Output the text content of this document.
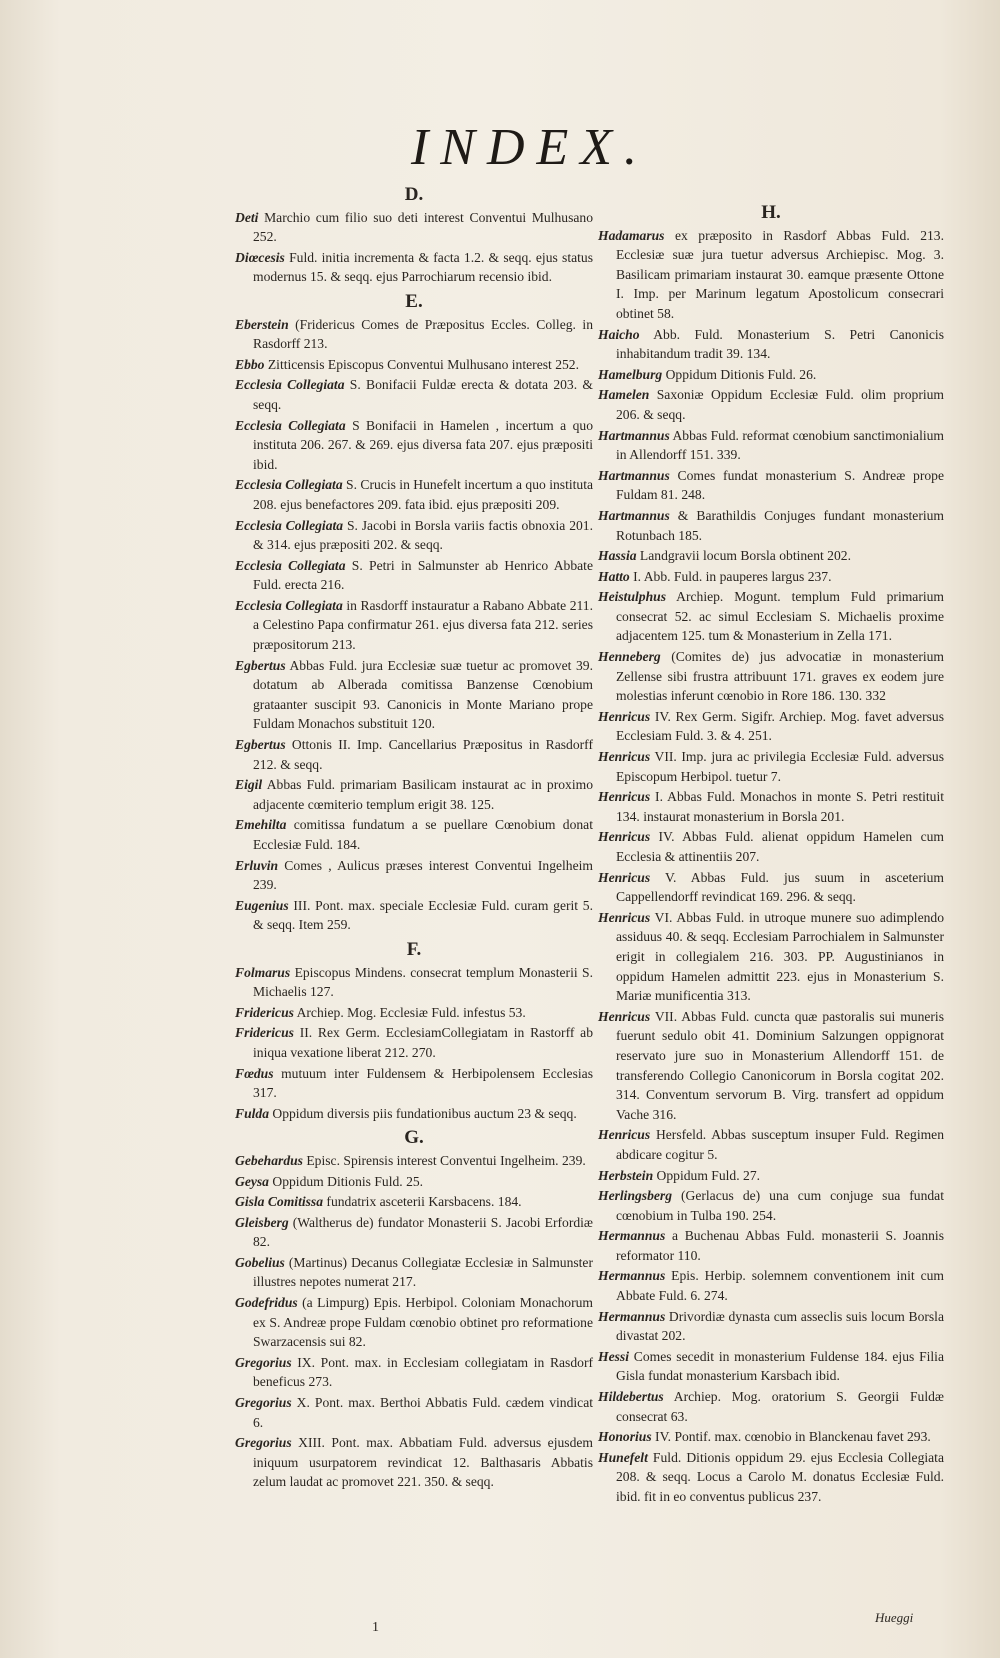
INDEX.
D.
Deti Marchio cum filio suo deti interest Conventui Mulhusano 252.
Diœcesis Fuld. initia incrementa & facta 1.2. & seqq. ejus status modernus 15. & seqq. ejus Parrochiarum recensio ibid.
E.
Eberstein (Fridericus Comes de Præpositus Eccles. Colleg. in Rasdorff 213.
Ebbo Zitticensis Episcopus Conventui Mulhusano interest 252.
Ecclesia Collegiata S. Bonifacii Fuldæ erecta & dotata 203. & seqq.
Ecclesia Collegiata S Bonifacii in Hamelen , incertum a quo instituta 206. 267. & 269. ejus diversa fata 207. ejus præpositi ibid.
Ecclesia Collegiata S. Crucis in Hunefelt incertum a quo instituta 208. ejus benefactores 209. fata ibid. ejus præpositi 209.
Ecclesia Collegiata S. Jacobi in Borsla variis factis obnoxia 201. & 314. ejus præpositi 202. & seqq.
Ecclesia Collegiata S. Petri in Salmunster ab Henrico Abbate Fuld. erecta 216.
Ecclesia Collegiata in Rasdorff instauratur a Rabano Abbate 211. a Celestino Papa confirmatur 261. ejus diversa fata 212. series præpositorum 213.
Egbertus Abbas Fuld. jura Ecclesiæ suæ tuetur ac promovet 39. dotatum ab Alberada comitissa Banzense Cœnobium grataanter suscipit 93. Canonicis in Monte Mariano prope Fuldam Monachos substituit 120.
Egbertus Ottonis II. Imp. Cancellarius Præpositus in Rasdorff 212. & seqq.
Eigil Abbas Fuld. primariam Basilicam instaurat ac in proximo adjacente cœmiterio templum erigit 38. 125.
Emehilta comitissa fundatum a se puellare Cœnobium donat Ecclesiæ Fuld. 184.
Erluvin Comes , Aulicus præses interest Conventui Ingelheim 239.
Eugenius III. Pont. max. speciale Ecclesiæ Fuld. curam gerit 5. & seqq. Item 259.
F.
Folmarus Episcopus Mindens. consecrat templum Monasterii S. Michaelis 127.
Fridericus Archiep. Mog. Ecclesiæ Fuld. infestus 53.
Fridericus II. Rex Germ. EcclesiamCollegiatam in Rastorff ab iniqua vexatione liberat 212. 270.
Fœdus mutuum inter Fuldensem & Herbipolensem Ecclesias 317.
Fulda Oppidum diversis piis fundationibus auctum 23 & seqq.
G.
Gebehardus Episc. Spirensis interest Conventui Ingelheim. 239.
Geysa Oppidum Ditionis Fuld. 25.
Gisla Comitissa fundatrix asceterii Karsbacens. 184.
Gleisberg (Waltherus de) fundator Monasterii S. Jacobi Erfordiæ 82.
Gobelius (Martinus) Decanus Collegiatæ Ecclesiæ in Salmunster illustres nepotes numerat 217.
Godefridus (a Limpurg) Epis. Herbipol. Coloniam Monachorum ex S. Andreæ prope Fuldam cœnobio obtinet pro reformatione Swarzacensis sui 82.
Gregorius IX. Pont. max. in Ecclesiam collegiatam in Rasdorf beneficus 273.
Gregorius X. Pont. max. Berthoi Abbatis Fuld. cædem vindicat 6.
Gregorius XIII. Pont. max. Abbatiam Fuld. adversus ejusdem iniquum usurpatorem revindicat 12. Balthasaris Abbatis zelum laudat ac promovet 221. 350. & seqq.
H.
Hadamarus ex præposito in Rasdorf Abbas Fuld. 213. Ecclesiæ suæ jura tuetur adversus Archiepisc. Mog. 3. Basilicam primariam instaurat 30. eamque præsente Ottone I. Imp. per Marinum legatum Apostolicum consecrari obtinet 58.
Haicho Abb. Fuld. Monasterium S. Petri Canonicis inhabitandum tradit 39. 134.
Hamelburg Oppidum Ditionis Fuld. 26.
Hamelen Saxoniæ Oppidum Ecclesiæ Fuld. olim proprium 206. & seqq.
Hartmannus Abbas Fuld. reformat cœnobium sanctimonialium in Allendorff 151. 339.
Hartmannus Comes fundat monasterium S. Andreæ prope Fuldam 81. 248.
Hartmannus & Barathildis Conjuges fundant monasterium Rotunbach 185.
Hassia Landgravii locum Borsla obtinent 202.
Hatto I. Abb. Fuld. in pauperes largus 237.
Heistulphus Archiep. Mogunt. templum Fuld primarium consecrat 52. ac simul Ecclesiam S. Michaelis proxime adjacentem 125. tum & Monasterium in Zella 171.
Henneberg (Comites de) jus advocatiæ in monasterium Zellense sibi frustra attribuunt 171. graves ex eodem jure molestias inferunt cœnobio in Rore 186. 130. 332
Henricus IV. Rex Germ. Sigifr. Archiep. Mog. favet adversus Ecclesiam Fuld. 3. & 4. 251.
Henricus VII. Imp. jura ac privilegia Ecclesiæ Fuld. adversus Episcopum Herbipol. tuetur 7.
Henricus I. Abbas Fuld. Monachos in monte S. Petri restituit 134. instaurat monasterium in Borsla 201.
Henricus IV. Abbas Fuld. alienat oppidum Hamelen cum Ecclesia & attinentiis 207.
Henricus V. Abbas Fuld. jus suum in asceterium Cappellendorff revindicat 169. 296. & seqq.
Henricus VI. Abbas Fuld. in utroque munere suo adimplendo assiduus 40. & seqq. Ecclesiam Parrochialem in Salmunster erigit in collegialem 216. 303. PP. Augustinianos in oppidum Hamelen admittit 223. ejus in Monasterium S. Mariæ munificentia 313.
Henricus VII. Abbas Fuld. cuncta quæ pastoralis sui muneris fuerunt sedulo obit 41. Dominium Salzungen oppignorat reservato jure suo in Monasterium Allendorff 151. de transferendo Collegio Canonicorum in Borsla cogitat 202. 314. Conventum servorum B. Virg. transfert ad oppidum Vache 316.
Henricus Hersfeld. Abbas susceptum insuper Fuld. Regimen abdicare cogitur 5.
Herbstein Oppidum Fuld. 27.
Herlingsberg (Gerlacus de) una cum conjuge sua fundat cœnobium in Tulba 190. 254.
Hermannus a Buchenau Abbas Fuld. monasterii S. Joannis reformator 110.
Hermannus Epis. Herbip. solemnem conventionem init cum Abbate Fuld. 6. 274.
Hermannus Drivordiæ dynasta cum asseclis suis locum Borsla divastat 202.
Hessi Comes secedit in monasterium Fuldense 184. ejus Filia Gisla fundat monasterium Karsbach ibid.
Hildebertus Archiep. Mog. oratorium S. Georgii Fuldæ consecrat 63.
Honorius IV. Pontif. max. cœnobio in Blanckenau favet 293.
Hunefelt Fuld. Ditionis oppidum 29. ejus Ecclesia Collegiata 208. & seqq. Locus a Carolo M. donatus Ecclesiæ Fuld. ibid. fit in eo conventus publicus 237.
Hueggi
1
